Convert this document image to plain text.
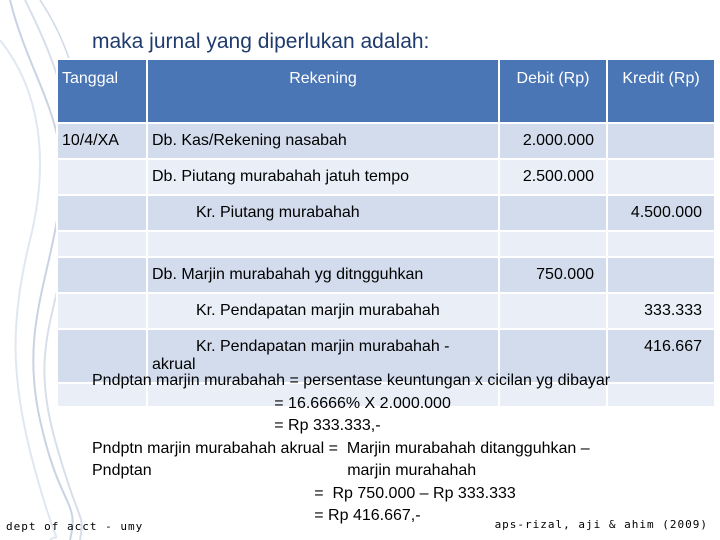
maka jurnal yang diperlukan adalah:
Tanggal	Rekening	Debit (Rp)	Kredit (Rp)

10/4/XA	Db. Kas/Rekening nasabah	2.000.000	

	Db. Piutang murabahah jatuh tempo	2.500.000	

	Kr. Piutang murabahah		4.500.000

	Db. Marjin murabahah yg ditngguhkan	750.000	

	Kr. Pendapatan marjin murabahah		333.333

	Kr. Pendapatan marjin murabahah - akrual		416.667

Pndptan marjin murabahah = persentase keuntungan x cicilan yg dibayar
= 16.6666% X 2.000.000
= Rp 333.333,-
Pndptn marjin murabahah akrual =  Marjin murabahah ditangguhkan –
Pndptan                                            marjin murahahah
=  Rp 750.000 – Rp 333.333
= Rp 416.667,-
dept of acct - umy	aps-rizal, aji & ahim (2009)
